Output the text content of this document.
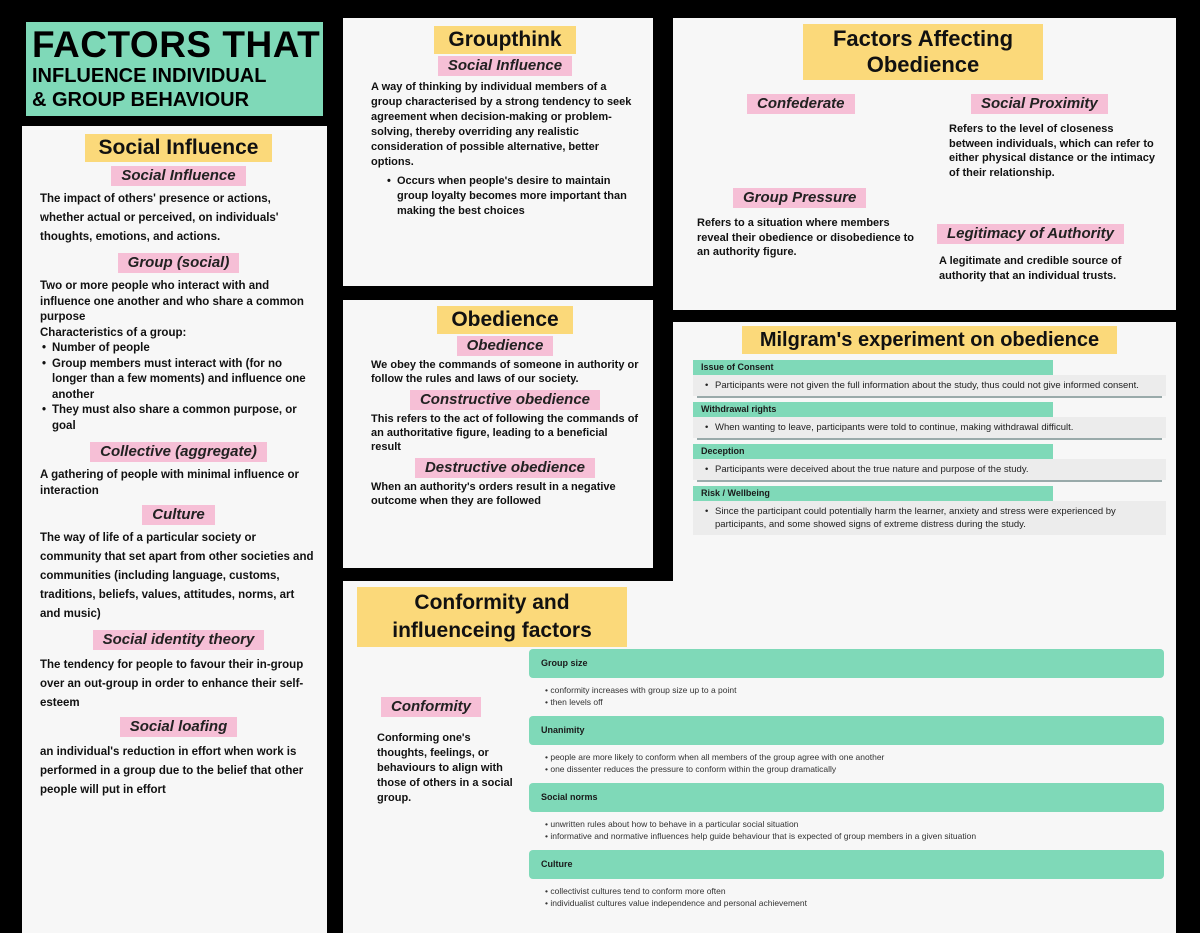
FACTORS THAT
INFLUENCE INDIVIDUAL
& GROUP BEHAVIOUR
Social Influence
Social Influence
The impact of others' presence or actions, whether actual or perceived, on individuals' thoughts, emotions, and actions.
Group (social)
Two or more people who interact with and influence one another and who share a common purpose
Characteristics of a group:
• Number of people
• Group members must interact with (for no longer than a few moments) and influence one another
• They must also share a common purpose, or goal
Collective (aggregate)
A gathering of people with minimal influence or interaction
Culture
The way of life of a particular society or community that set apart from other societies and communities (including language, customs, traditions, beliefs, values, attitudes, norms, art and music)
Social identity theory
The tendency for people to favour their in-group over an out-group in order to enhance their self-esteem
Social loafing
an individual's reduction in effort when work is performed in a group due to the belief that other people will put in effort
Groupthink
Social Influence
A way of thinking by individual members of a group characterised by a strong tendency to seek agreement when decision-making or problem-solving, thereby overriding any realistic consideration of possible alternative, better options.
• Occurs when people's desire to maintain group loyalty becomes more important than making the best choices
Obedience
Obedience
We obey the commands of someone in authority or follow the rules and laws of our society.
Constructive obedience
This refers to the act of following the commands of an authoritative figure, leading to a beneficial result
Destructive obedience
When an authority's orders result in a negative outcome when they are followed
Factors Affecting
Obedience
Confederate	Social Proximity
Refers to the level of closeness between individuals, which can refer to either physical distance or the intimacy of their relationship.
Group Pressure
Refers to a situation where members reveal their obedience or disobedience to an authority figure.
Legitimacy of Authority
A legitimate and credible source of authority that an individual trusts.
Milgram's experiment on obedience
Issue of Consent
• Participants were not given the full information about the study, thus could not give informed consent.
Withdrawal rights
• When wanting to leave, participants were told to continue, making withdrawal difficult.
Deception
• Participants were deceived about the true nature and purpose of the study.
Risk / Wellbeing
• Since the participant could potentially harm the learner, anxiety and stress were experienced by participants, and some showed signs of extreme distress during the study.
Conformity and
influenceing factors
Conformity
Conforming one's thoughts, feelings, or behaviours to align with those of others in a social group.
Group size
• conformity increases with group size up to a point
• then levels off
Unanimity
• people are more likely to conform when all members of the group agree with one another
• one dissenter reduces the pressure to conform within the group dramatically
Social norms
• unwritten rules about how to behave in a particular social situation
• informative and normative influences help guide behaviour that is expected of group members in a given situation
Culture
• collectivist cultures tend to conform more often
• individualist cultures value independence and personal achievement
